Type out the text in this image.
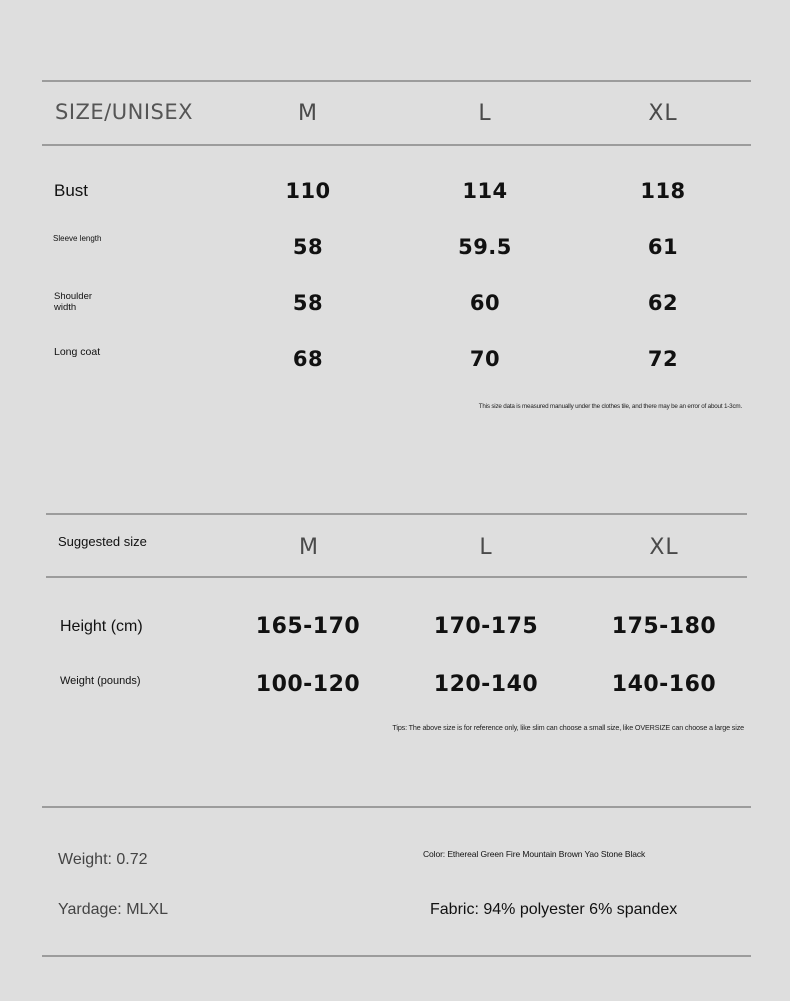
SIZE/UNISEX	M	L	XL
Bust	110	114	118
Sleeve length	58	59.5	61
Shoulder
width	58	60	62
Long coat	68	70	72
This size data is measured manually under the clothes tile, and there may be an error of about 1-3cm.
Suggested size	M	L	XL
Height (cm)	165-170	170-175	175-180
Weight (pounds)	100-120	120-140	140-160
Tips: The above size is for reference only, like slim can choose a small size, like OVERSIZE can choose a large size
Weight: 0.72	Color: Ethereal Green Fire Mountain Brown Yao Stone Black
Yardage: MLXL	Fabric: 94% polyester 6% spandex
